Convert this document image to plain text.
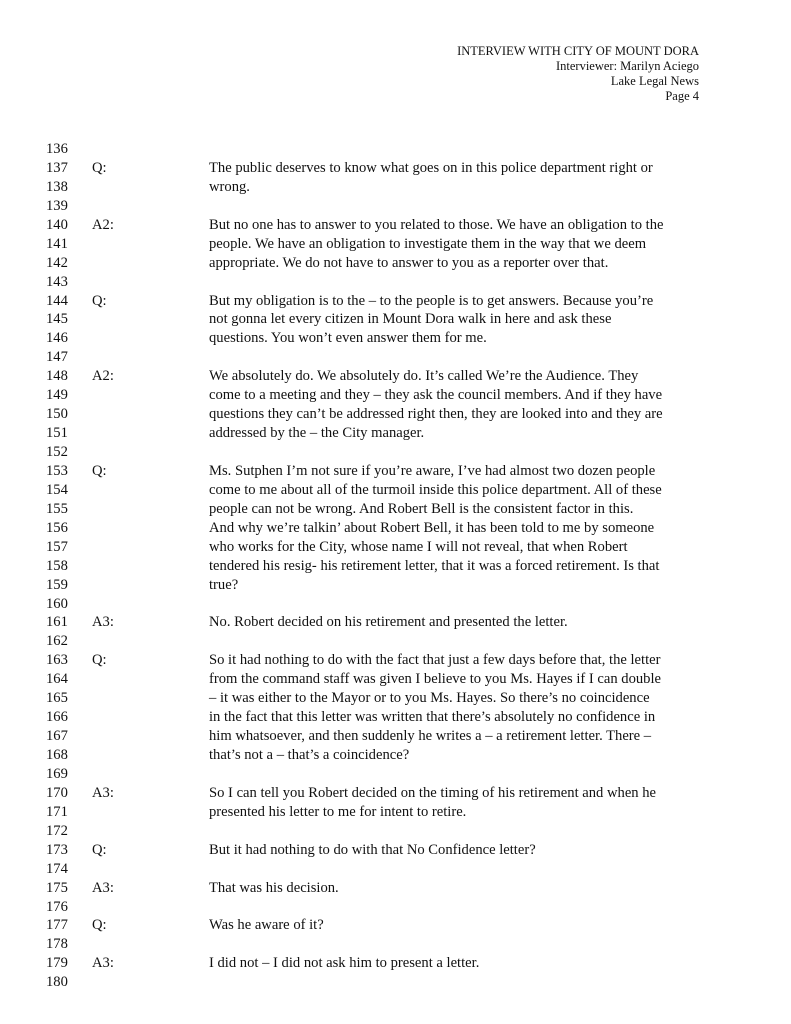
INTERVIEW WITH CITY OF MOUNT DORA
Interviewer: Marilyn Aciego
Lake Legal News
Page 4
136
137	Q:	The public deserves to know what goes on in this police department right or
138	wrong.
139
140	A2:	But no one has to answer to you related to those. We have an obligation to the
141	people. We have an obligation to investigate them in the way that we deem
142	appropriate. We do not have to answer to you as a reporter over that.
143
144	Q:	But my obligation is to the – to the people is to get answers. Because you’re
145	not gonna let every citizen in Mount Dora walk in here and ask these
146	questions. You won’t even answer them for me.
147
148	A2:	We absolutely do. We absolutely do. It’s called We’re the Audience. They
149	come to a meeting and they – they ask the council members. And if they have
150	questions they can’t be addressed right then, they are looked into and they are
151	addressed by the – the City manager.
152
153	Q:	Ms. Sutphen I’m not sure if you’re aware, I’ve had almost two dozen people
154	come to me about all of the turmoil inside this police department. All of these
155	people can not be wrong. And Robert Bell is the consistent factor in this.
156	And why we’re talkin’ about Robert Bell, it has been told to me by someone
157	who works for the City, whose name I will not reveal, that when Robert
158	tendered his resig- his retirement letter, that it was a forced retirement. Is that
159	true?
160
161	A3:	No. Robert decided on his retirement and presented the letter.
162
163	Q:	So it had nothing to do with the fact that just a few days before that, the letter
164	from the command staff was given I believe to you Ms. Hayes if I can double
165	– it was either to the Mayor or to you Ms. Hayes. So there’s no coincidence
166	in the fact that this letter was written that there’s absolutely no confidence in
167	him whatsoever, and then suddenly he writes a – a retirement letter. There –
168	that’s not a – that’s a coincidence?
169
170	A3:	So I can tell you Robert decided on the timing of his retirement and when he
171	presented his letter to me for intent to retire.
172
173	Q:	But it had nothing to do with that No Confidence letter?
174
175	A3:	That was his decision.
176
177	Q:	Was he aware of it?
178
179	A3:	I did not – I did not ask him to present a letter.
180
